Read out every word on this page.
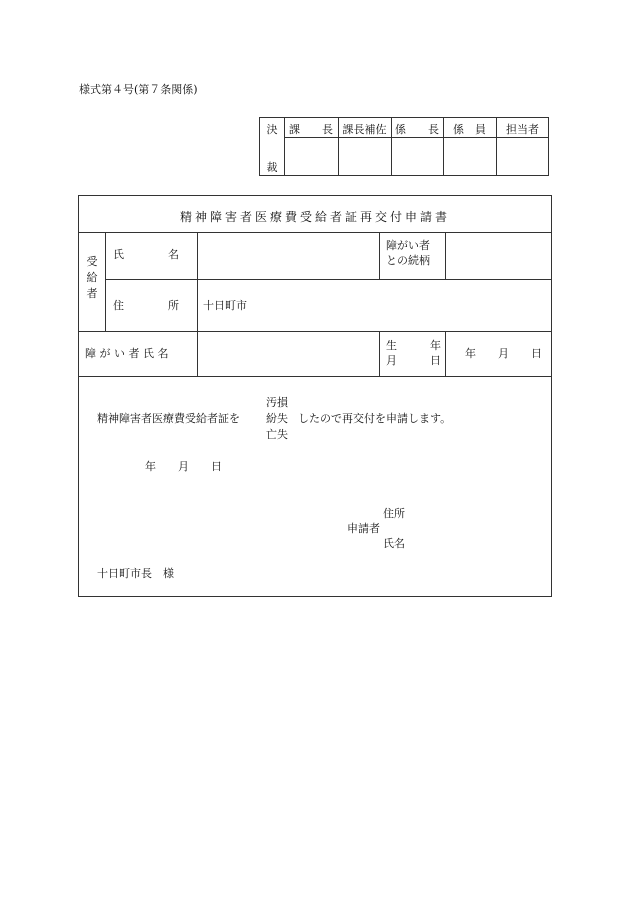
様式第４号(第７条関係)
決
裁
課　　長 課長補佐 係　　長	係　員	担当者
精神障害者医療費受給者証再交付申請書
受
給
者
氏　　　　名
障がい者
との続柄
住　　　　所 十日町市
障 が い 者 氏 名
生　　　年
月　　　日
年　　月　　日
精神障害者医療費受給者証を
汚損
紛失
亡失
したので再交付を申請します。
年　　月　　日
住所
申請者
氏名
十日町市長　様
